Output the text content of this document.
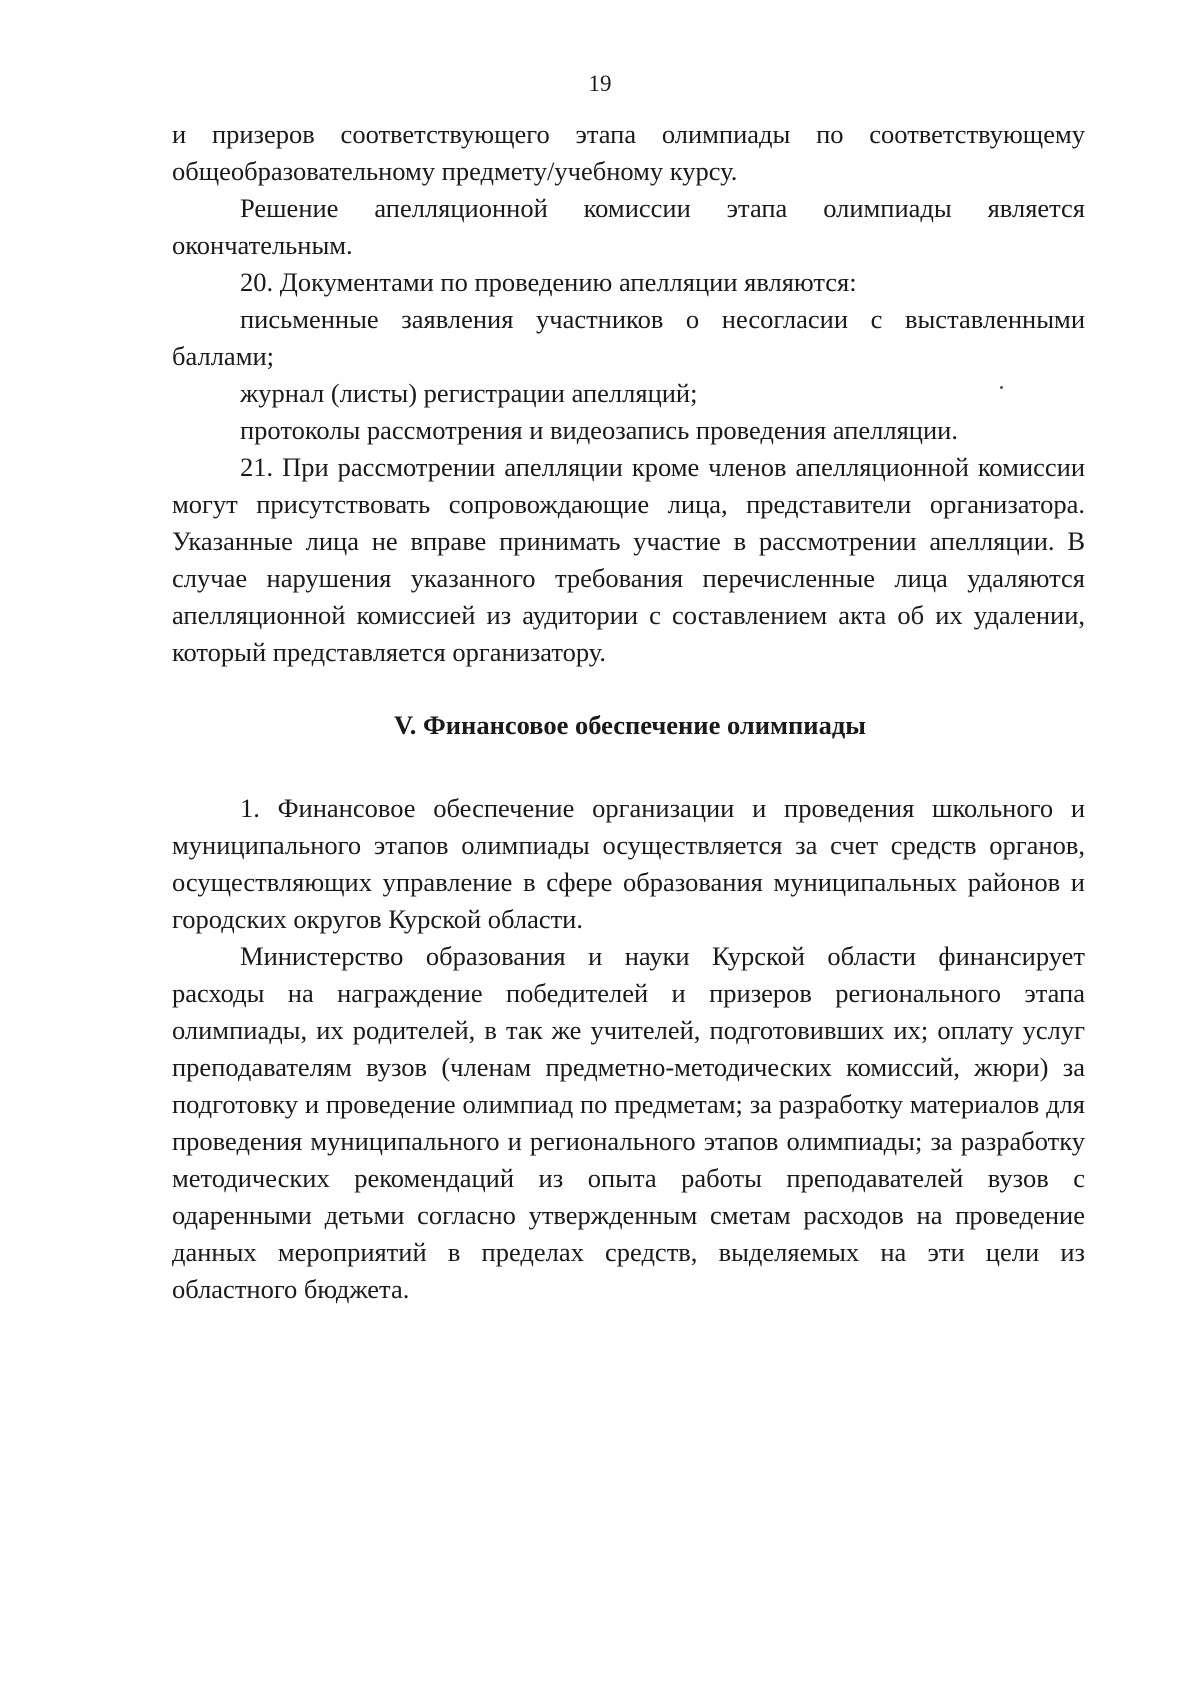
19

и призеров соответствующего этапа олимпиады по соответствующему общеобразовательному предмету/учебному курсу.

Решение апелляционной комиссии этапа олимпиады является окончательным.

20. Документами по проведению апелляции являются:

письменные заявления участников о несогласии с выставленными баллами;

журнал (листы) регистрации апелляций;

протоколы рассмотрения и видеозапись проведения апелляции.

21. При рассмотрении апелляции кроме членов апелляционной комиссии могут присутствовать сопровождающие лица, представители организатора. Указанные лица не вправе принимать участие в рассмотрении апелляции. В случае нарушения указанного требования перечисленные лица удаляются апелляционной комиссией из аудитории с составлением акта об их удалении, который представляется организатору.

V. Финансовое обеспечение олимпиады

1. Финансовое обеспечение организации и проведения школьного и муниципального этапов олимпиады осуществляется за счет средств органов, осуществляющих управление в сфере образования муниципальных районов и городских округов Курской области.

Министерство образования и науки Курской области финансирует расходы на награждение победителей и призеров регионального этапа олимпиады, их родителей, в так же учителей, подготовивших их; оплату услуг преподавателям вузов (членам предметно-методических комиссий, жюри) за подготовку и проведение олимпиад по предметам; за разработку материалов для проведения муниципального и регионального этапов олимпиады; за разработку методических рекомендаций из опыта работы преподавателей вузов с одаренными детьми согласно утвержденным сметам расходов на проведение данных мероприятий в пределах средств, выделяемых на эти цели из областного бюджета.
